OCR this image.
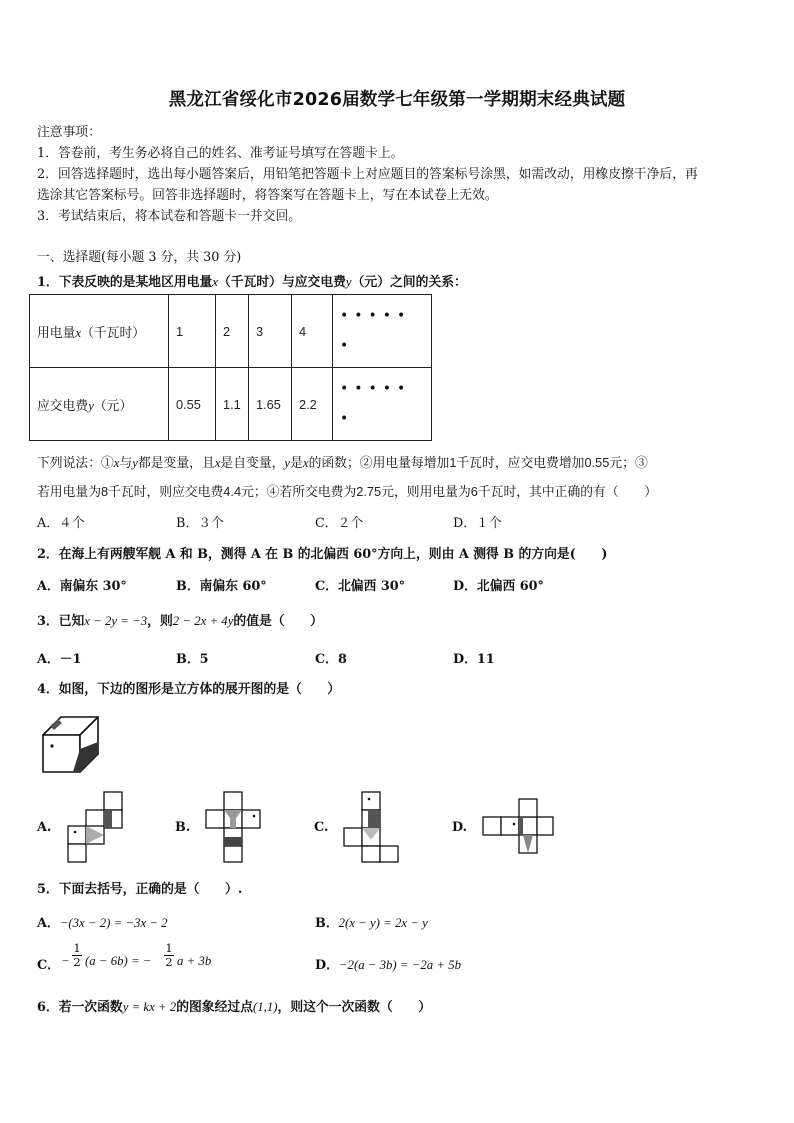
黑龙江省绥化市2026届数学七年级第一学期期末经典试题
注意事项：
1．答卷前，考生务必将自己的姓名、准考证号填写在答题卡上。
2．回答选择题时，选出每小题答案后，用铅笔把答题卡上对应题目的答案标号涂黑，如需改动，用橡皮擦干净后，再
选涂其它答案标号。回答非选择题时，将答案写在答题卡上，写在本试卷上无效。
3．考试结束后，将本试卷和答题卡一并交回。
一、选择题(每小题 3 分，共 30 分)
1．下表反映的是某地区用电量x（千瓦时）与应交电费y（元）之间的关系：
用电量x（千瓦时）	1	2	3	4	•••••
•

应交电费y（元）	0.55	1.1	1.65	2.2	•••••
•
下列说法：①x与y都是变量，且x是自变量，y是x的函数；②用电量每增加1千瓦时，应交电费增加0.55元；③
若用电量为8千瓦时，则应交电费4.4元；④若所交电费为2.75元，则用电量为6千瓦时，其中正确的有（　　）
A．４个	B．３个	C．２个	D．１个
2．在海上有两艘军舰 A 和 B，测得 A 在 B 的北偏西 60°方向上，则由 A 测得 B 的方向是(　　)
A．南偏东 30°	B．南偏东 60°	C．北偏西 30°	D．北偏西 60°
3．已知x − 2y = −3，则2 − 2x + 4y的值是（　　）
A．－1	B．5	C．8	D．11
4．如图，下边的图形是立方体的展开图的是（　　）
A.	B.	C.	D.
5．下面去括号，正确的是（　　）.
A．−(3x − 2) = −3x − 2	B．2(x − y) = 2x − y
C． − $\frac{1}{2} (a - 6b)$ = − $\frac{1}{2}$ a + 3b	D．−2(a − 3b) = −2a + 5b
6．若一次函数y = kx + 2的图象经过点(1,1)，则这个一次函数（　　）
